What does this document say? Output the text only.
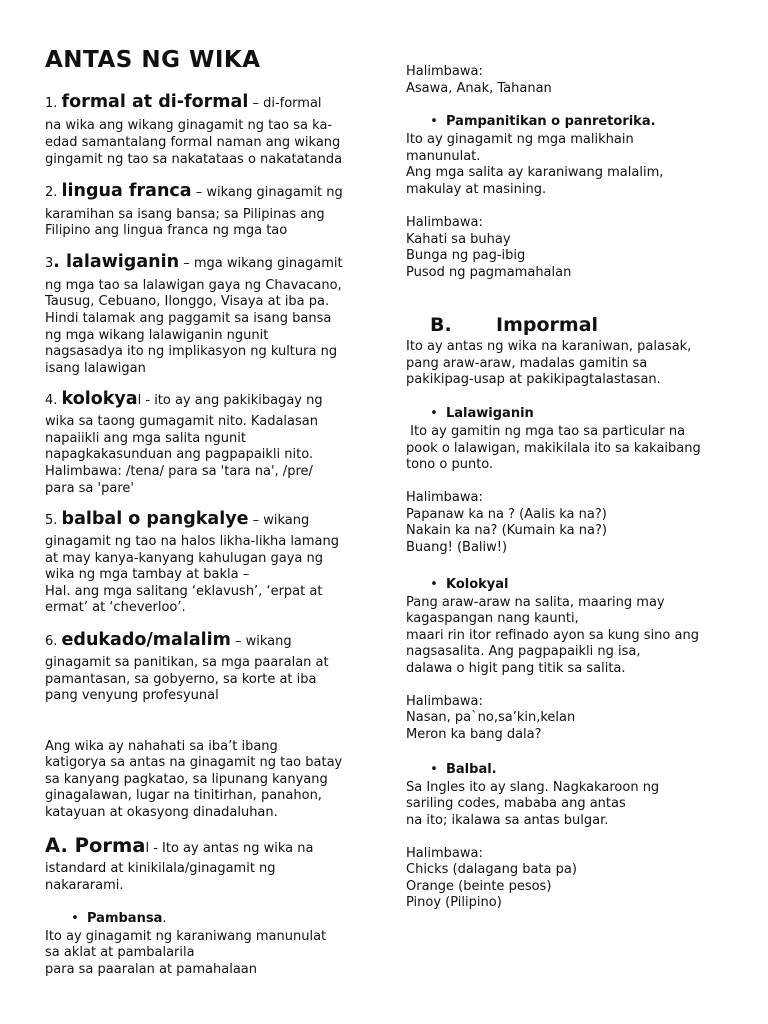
ANTAS NG WIKA
1. formal at di-formal – di-formal
na wika ang wikang ginagamit ng tao sa ka-
edad samantalang formal naman ang wikang
gingamit ng tao sa nakatataas o nakatatanda
2. lingua franca – wikang ginagamit ng
karamihan sa isang bansa; sa Pilipinas ang
Filipino ang lingua franca ng mga tao
3. lalawiganin – mga wikang ginagamit
ng mga tao sa lalawigan gaya ng Chavacano,
Tausug, Cebuano, Ilonggo, Visaya at iba pa.
Hindi talamak ang paggamit sa isang bansa
ng mga wikang lalawiganin ngunit
nagsasadya ito ng implikasyon ng kultura ng
isang lalawigan
4. kolokyal - ito ay ang pakikibagay ng
wika sa taong gumagamit nito. Kadalasan
napaiikli ang mga salita ngunit
napagkakasunduan ang pagpapaikli nito.
Halimbawa: /tena/ para sa 'tara na', /pre/
para sa 'pare'
5. balbal o pangkalye – wikang
ginagamit ng tao na halos likha-likha lamang
at may kanya-kanyang kahulugan gaya ng
wika ng mga tambay at bakla –
Hal. ang mga salitang ‘eklavush’, ‘erpat at
ermat’ at ‘cheverloo’.
6. edukado/malalim – wikang
ginagamit sa panitikan, sa mga paaralan at
pamantasan, sa gobyerno, sa korte at iba
pang venyung profesyunal
Ang wika ay nahahati sa iba’t ibang
katigorya sa antas na ginagamit ng tao batay
sa kanyang pagkatao, sa lipunang kanyang
ginagalawan, lugar na tinitirhan, panahon,
katayuan at okasyong dinadaluhan.
A. Pormal - Ito ay antas ng wika na
istandard at kinikilala/ginagamit ng
nakararami.
• Pambansa.
Ito ay ginagamit ng karaniwang manunulat
sa aklat at pambalarila
para sa paaralan at pamahalaan
Halimbawa:
Asawa, Anak, Tahanan
• Pampanitikan o panretorika.
Ito ay ginagamit ng mga malikhain
manunulat.
Ang mga salita ay karaniwang malalim,
makulay at masining.
Halimbawa:
Kahati sa buhay
Bunga ng pag-ibig
Pusod ng pagmamahalan
B. Impormal
Ito ay antas ng wika na karaniwan, palasak,
pang araw-araw, madalas gamitin sa
pakikipag-usap at pakikipagtalastasan.
• Lalawiganin
Ito ay gamitin ng mga tao sa particular na
pook o lalawigan, makikilala ito sa kakaibang
tono o punto.
Halimbawa:
Papanaw ka na ? (Aalis ka na?)
Nakain ka na? (Kumain ka na?)
Buang! (Baliw!)
• Kolokyal
Pang araw-araw na salita, maaring may
kagaspangan nang kaunti,
maari rin itor refinado ayon sa kung sino ang
nagsasalita. Ang pagpapaikli ng isa,
dalawa o higit pang titik sa salita.
Halimbawa:
Nasan, pa`no,sa’kin,kelan
Meron ka bang dala?
• Balbal.
Sa Ingles ito ay slang. Nagkakaroon ng
sariling codes, mababa ang antas
na ito; ikalawa sa antas bulgar.
Halimbawa:
Chicks (dalagang bata pa)
Orange (beinte pesos)
Pinoy (Pilipino)
